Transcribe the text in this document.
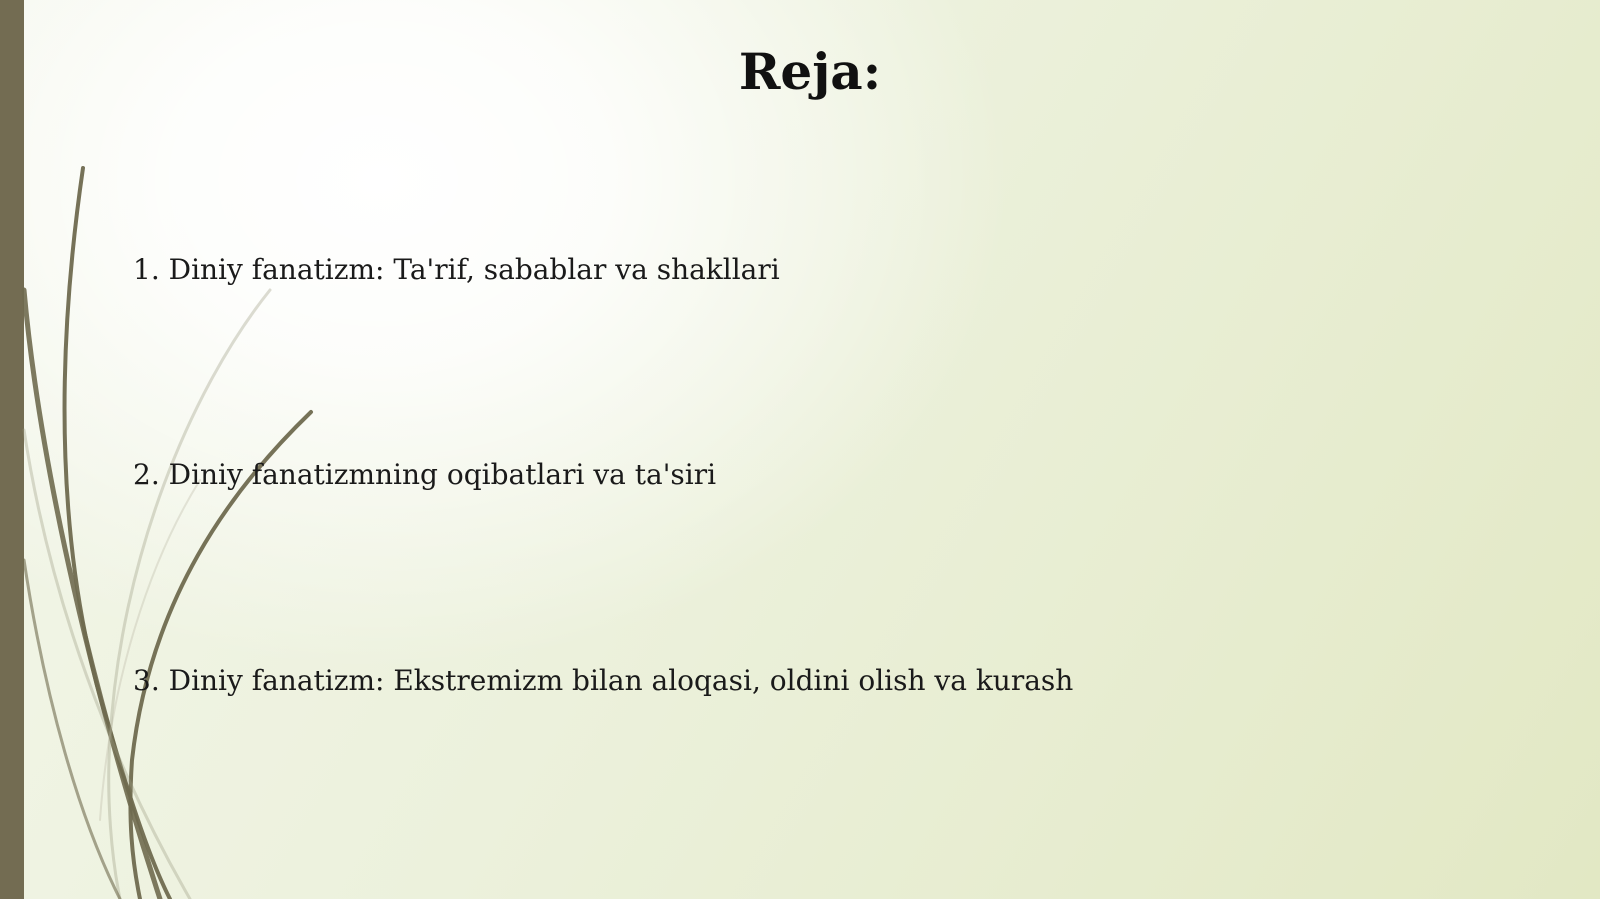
Reja:
1. Diniy fanatizm: Ta'rif, sabablar va shakllari
2. Diniy fanatizmning oqibatlari va ta'siri
3. Diniy fanatizm: Ekstremizm bilan aloqasi, oldini olish va kurash
